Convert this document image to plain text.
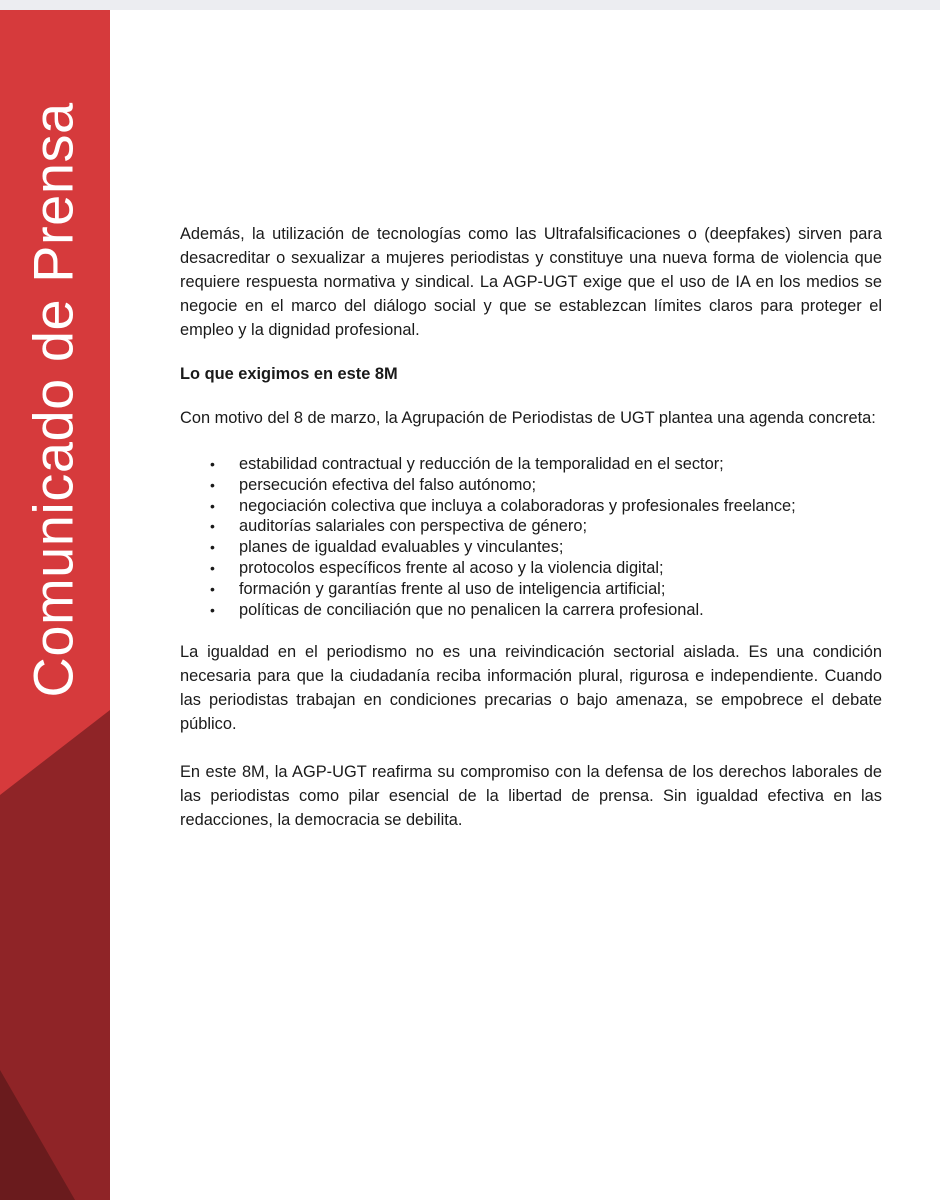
Comunicado de Prensa	Además, la utilización de tecnologías como las Ultrafalsificaciones o (deepfakes) sirven para desacreditar o sexualizar a mujeres periodistas y constituye una nueva forma de violencia que requiere respuesta normativa y sindical. La AGP-UGT exige que el uso de IA en los medios se negocie en el marco del diálogo social y que se establezcan límites claros para proteger el empleo y la dignidad profesional.

Lo que exigimos en este 8M

Con motivo del 8 de marzo, la Agrupación de Periodistas de UGT plantea una agenda concreta:

• estabilidad contractual y reducción de la temporalidad en el sector;
• persecución efectiva del falso autónomo;
• negociación colectiva que incluya a colaboradoras y profesionales freelance;
• auditorías salariales con perspectiva de género;
• planes de igualdad evaluables y vinculantes;
• protocolos específicos frente al acoso y la violencia digital;
• formación y garantías frente al uso de inteligencia artificial;
• políticas de conciliación que no penalicen la carrera profesional.

La igualdad en el periodismo no es una reivindicación sectorial aislada. Es una condición necesaria para que la ciudadanía reciba información plural, rigurosa e independiente. Cuando las periodistas trabajan en condiciones precarias o bajo amenaza, se empobrece el debate público.

En este 8M, la AGP-UGT reafirma su compromiso con la defensa de los derechos laborales de las periodistas como pilar esencial de la libertad de prensa. Sin igualdad efectiva en las redacciones, la democracia se debilita.
